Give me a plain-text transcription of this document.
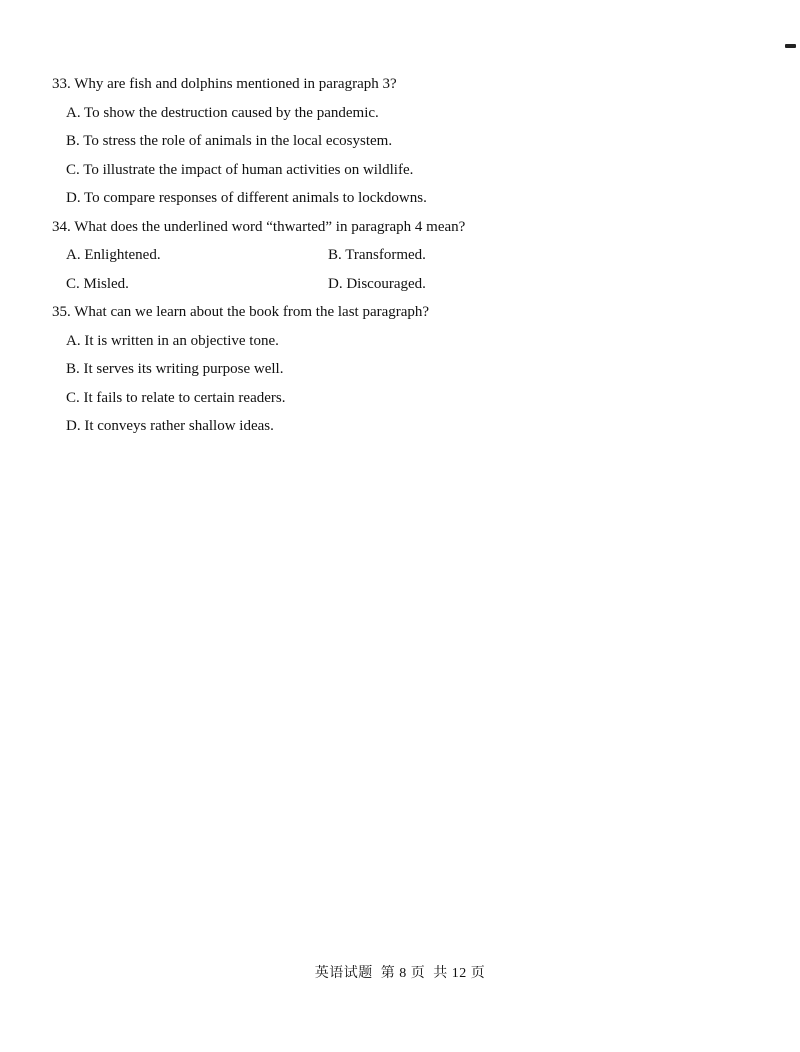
33. Why are fish and dolphins mentioned in paragraph 3?
A. To show the destruction caused by the pandemic.
B. To stress the role of animals in the local ecosystem.
C. To illustrate the impact of human activities on wildlife.
D. To compare responses of different animals to lockdowns.
34. What does the underlined word “thwarted” in paragraph 4 mean?
A. Enlightened.	B. Transformed.
C. Misled.	D. Discouraged.
35. What can we learn about the book from the last paragraph?
A. It is written in an objective tone.
B. It serves its writing purpose well.
C. It fails to relate to certain readers.
D. It conveys rather shallow ideas.
英语试题  第 8 页  共 12 页
